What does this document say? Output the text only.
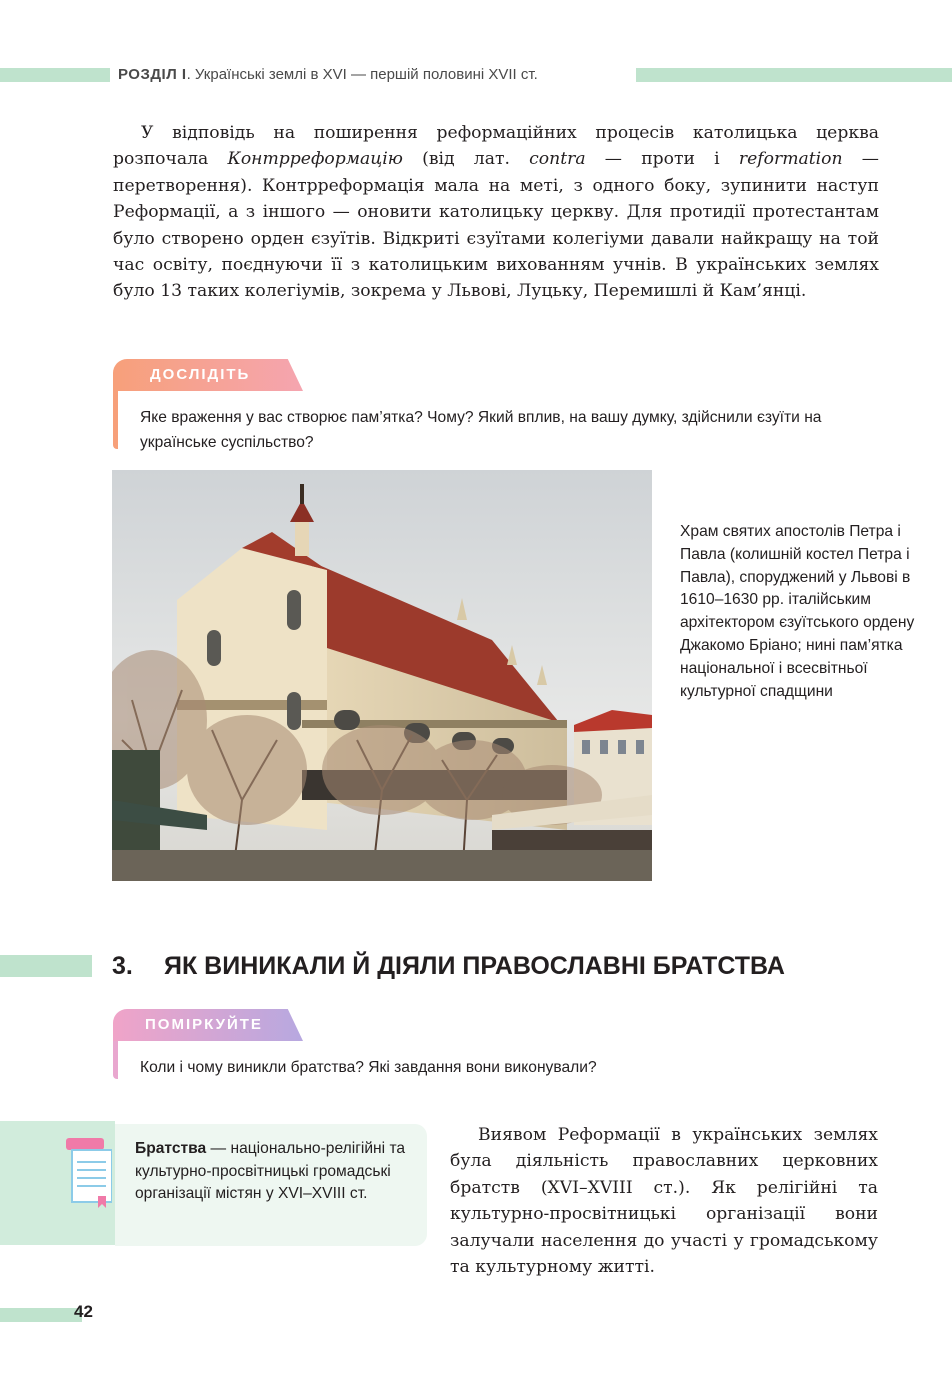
РОЗДІЛ І. Українські землі в XVI — першій половині XVII ст.

У відповідь на поширення реформаційних процесів католицька церква розпочала Контрреформацію (від лат. contra — проти і reformation — перетворення). Контрреформація мала на меті, з одного боку, зупинити наступ Реформації, а з іншого — оновити католицьку церкву. Для протидії протестантам було створено орден єзуїтів. Відкриті єзуїтами колегіуми давали найкращу на той час освіту, поєднуючи її з католицьким вихованням учнів. В українських землях було 13 таких колегіумів, зокрема у Львові, Луцьку, Перемишлі й Кам’янці.

ДОСЛІДІТЬ
Яке враження у вас створює пам’ятка? Чому? Який вплив, на вашу думку, здійснили єзуїти на українське суспільство?
Храм святих апостолів Петра і Павла (колишній костел Петра і Павла), споруджений у Львові в 1610–1630 рр. італійським архітектором єзуїтського ордену Джакомо Бріано; нині пам’ятка національної і всесвітньої культурної спадщини
3. ЯК ВИНИКАЛИ Й ДІЯЛИ ПРАВОСЛАВНІ БРАТСТВА
ПОМІРКУЙТЕ
Коли і чому виникли братства? Які завдання вони виконували?
Братства — національно-релігійні та культурно-просвітницькі громадські організації містян у XVI–XVIII ст.

Виявом Реформації в українських землях була діяльність православних церковних братств (XVI–XVIII ст.). Як релігійні та культурно-просвітницькі організації вони залучали населення до участі у громадському та культурному житті.

42
